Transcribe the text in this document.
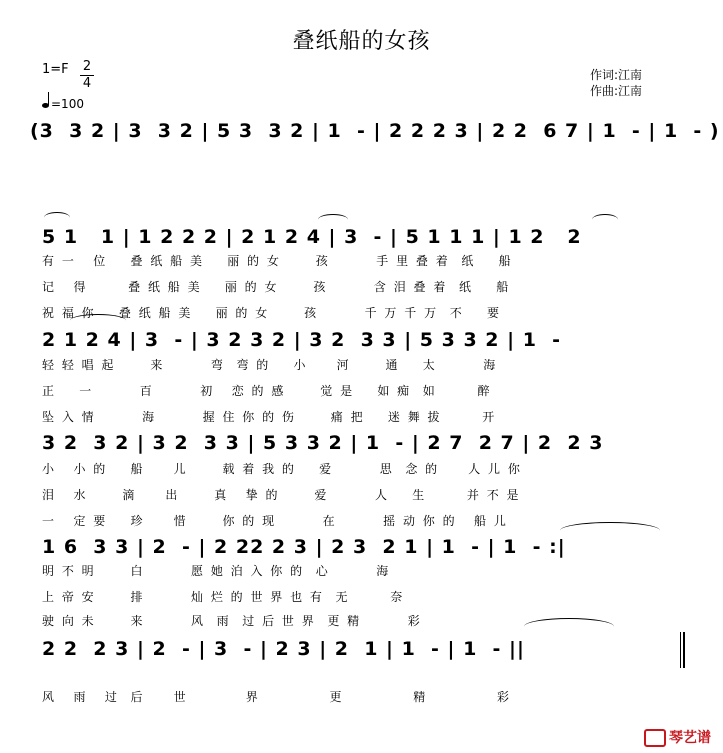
叠纸船的女孩
作词:江南
作曲:江南
1=F 2
4
=100
(3  3 2 | 3  3 2 | 5 3  3 2 | 1  - | 2 2 2 3 | 2 2  6 7 | 1  - | 1  - )
5 1   1 | 1 2 2 2 | 2 1 2 4 | 3  - | 5 1 1 1 | 1 2   2
有 一   位    叠 纸 船 美    丽 的 女      孩        手 里 叠 着  纸    船
记   得       叠 纸 船 美    丽 的 女      孩        含 泪 叠 着  纸    船
祝 福 你    叠 纸 船 美    丽 的 女      孩        千 万 千 万  不    要
2 1 2 4 | 3  - | 3 2 3 2 | 3 2  3 3 | 5 3 3 2 | 1  -
轻 轻 唱 起      来        弯  弯 的    小     河      通    太        海
正    一        百        初   恋 的 感      觉 是    如 痴  如       醉
坠 入 情        海        握 住 你 的 伤      痛 把    迷 舞 拔       开
3 2  3 2 | 3 2  3 3 | 5 3 3 2 | 1  - | 2 7  2 7 | 2  2 3
小   小 的    船     儿      载 着 我 的    爱        思  念 的     人 儿 你
泪   水      滴     出      真   挚 的      爱        人    生       并 不 是
一   定 要    珍     惜      你 的 现        在        摇 动 你 的   船 儿
1 6  3 3 | 2  - | 2 22 2 3 | 2 3  2 1 | 1  - | 1  - :|
明 不 明      白        愿 她 泊 入 你 的  心        海
上 帝 安      排        灿 烂 的 世 界 也 有  无       奈
驶 向 未      来        风  雨  过 后 世 界  更 精        彩
2 2  2 3 | 2  - | 3  - | 2 3 | 2  1 | 1  - | 1  - ||
风   雨   过  后     世          界            更            精            彩
琴艺谱
